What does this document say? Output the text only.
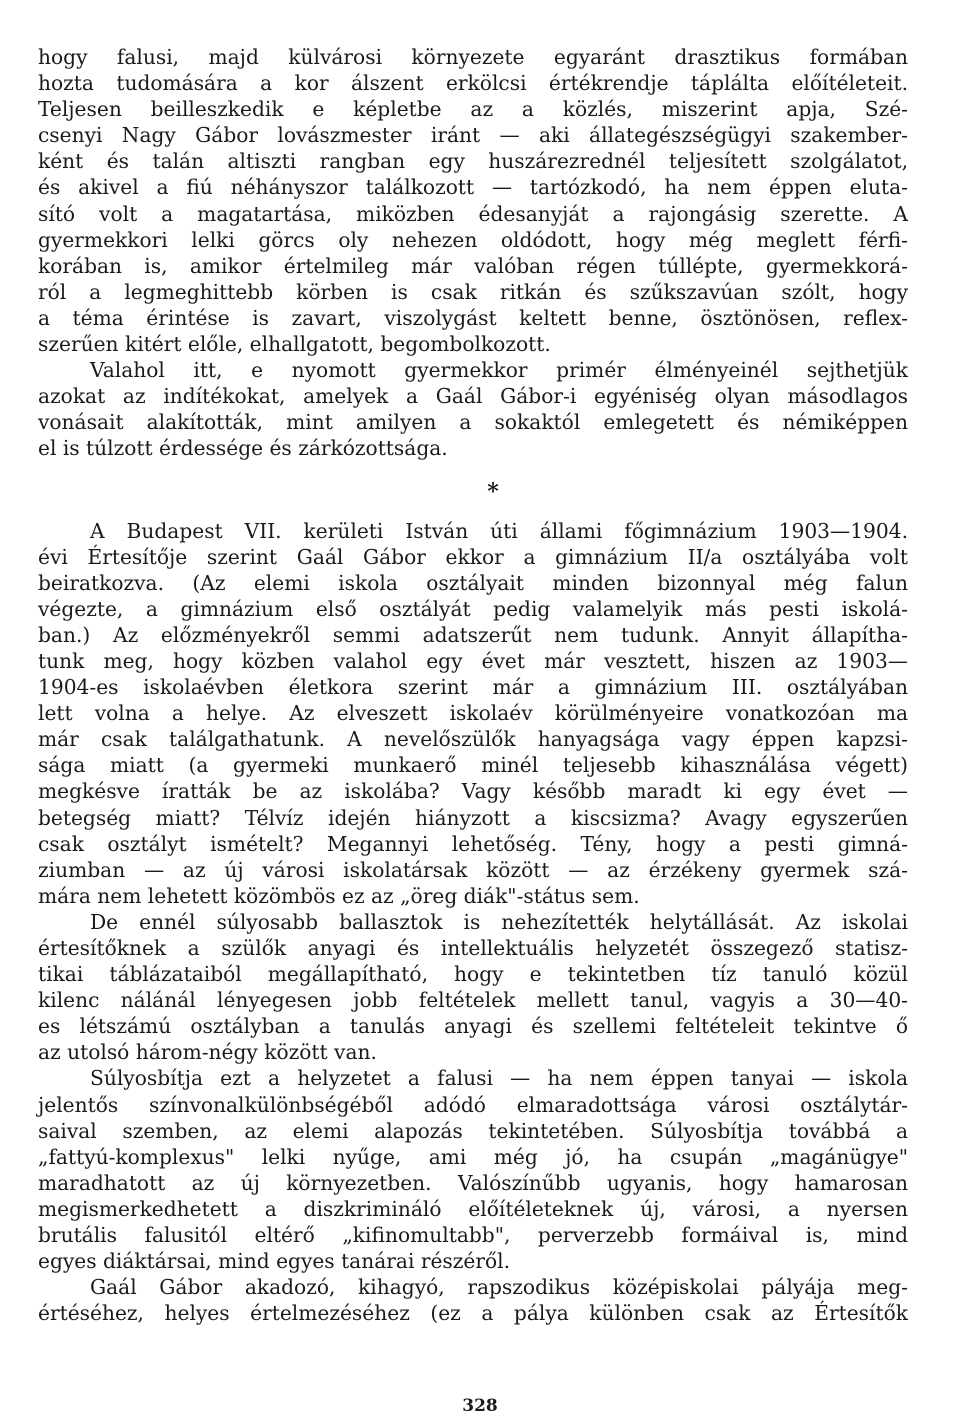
hogy falusi, majd külvárosi környezete egyaránt drasztikus formában
hozta tudomására a kor álszent erkölcsi értékrendje táplálta előítéleteit.
Teljesen beilleszkedik e képletbe az a közlés, miszerint apja, Szé-
csenyi Nagy Gábor lovászmester iránt — aki állategészségügyi szakember-
ként és talán altiszti rangban egy huszárezrednél teljesített szolgálatot,
és akivel a fiú néhányszor találkozott — tartózkodó, ha nem éppen eluta-
sító volt a magatartása, miközben édesanyját a rajongásig szerette. A
gyermekkori lelki görcs oly nehezen oldódott, hogy még meglett férfi-
korában is, amikor értelmileg már valóban régen túllépte, gyermekkorá-
ról a legmeghittebb körben is csak ritkán és szűkszavúan szólt, hogy
a téma érintése is zavart, viszolygást keltett benne, ösztönösen, reflex-
szerűen kitért előle, elhallgatott, begombolkozott.
Valahol itt, e nyomott gyermekkor primér élményeinél sejthetjük
azokat az indítékokat, amelyek a Gaál Gábor-i egyéniség olyan másodlagos
vonásait alakították, mint amilyen a sokaktól emlegetett és némiképpen
el is túlzott érdessége és zárkózottsága.
*
A Budapest VII. kerületi István úti állami főgimnázium 1903—1904.
évi Értesítője szerint Gaál Gábor ekkor a gimnázium II/a osztályába volt
beiratkozva. (Az elemi iskola osztályait minden bizonnyal még falun
végezte, a gimnázium első osztályát pedig valamelyik más pesti iskolá-
ban.) Az előzményekről semmi adatszerűt nem tudunk. Annyit állapítha-
tunk meg, hogy közben valahol egy évet már vesztett, hiszen az 1903—
1904-es iskolaévben életkora szerint már a gimnázium III. osztályában
lett volna a helye. Az elveszett iskolaév körülményeire vonatkozóan ma
már csak találgathatunk. A nevelőszülők hanyagsága vagy éppen kapzsi-
sága miatt (a gyermeki munkaerő minél teljesebb kihasználása végett)
megkésve íratták be az iskolába? Vagy később maradt ki egy évet —
betegség miatt? Télvíz idején hiányzott a kiscsizma? Avagy egyszerűen
csak osztályt ismételt? Megannyi lehetőség. Tény, hogy a pesti gimná-
ziumban — az új városi iskolatársak között — az érzékeny gyermek szá-
mára nem lehetett közömbös ez az „öreg diák"-státus sem.
De ennél súlyosabb ballasztok is nehezítették helytállását. Az iskolai
értesítőknek a szülők anyagi és intellektuális helyzetét összegező statisz-
tikai táblázataiból megállapítható, hogy e tekintetben tíz tanuló közül
kilenc nálánál lényegesen jobb feltételek mellett tanul, vagyis a 30—40-
es létszámú osztályban a tanulás anyagi és szellemi feltételeit tekintve ő
az utolsó három-négy között van.
Súlyosbítja ezt a helyzetet a falusi — ha nem éppen tanyai — iskola
jelentős színvonalkülönbségéből adódó elmaradottsága városi osztálytár-
saival szemben, az elemi alapozás tekintetében. Súlyosbítja továbbá a
„fattyú-komplexus" lelki nyűge, ami még jó, ha csupán „magánügye"
maradhatott az új környezetben. Valószínűbb ugyanis, hogy hamarosan
megismerkedhetett a diszkrimináló előítéleteknek új, városi, a nyersen
brutális falusitól eltérő „kifinomultabb", perverzebb formáival is, mind
egyes diáktársai, mind egyes tanárai részéről.
Gaál Gábor akadozó, kihagyó, rapszodikus középiskolai pályája meg-
értéséhez, helyes értelmezéséhez (ez a pálya különben csak az Értesítők
328
